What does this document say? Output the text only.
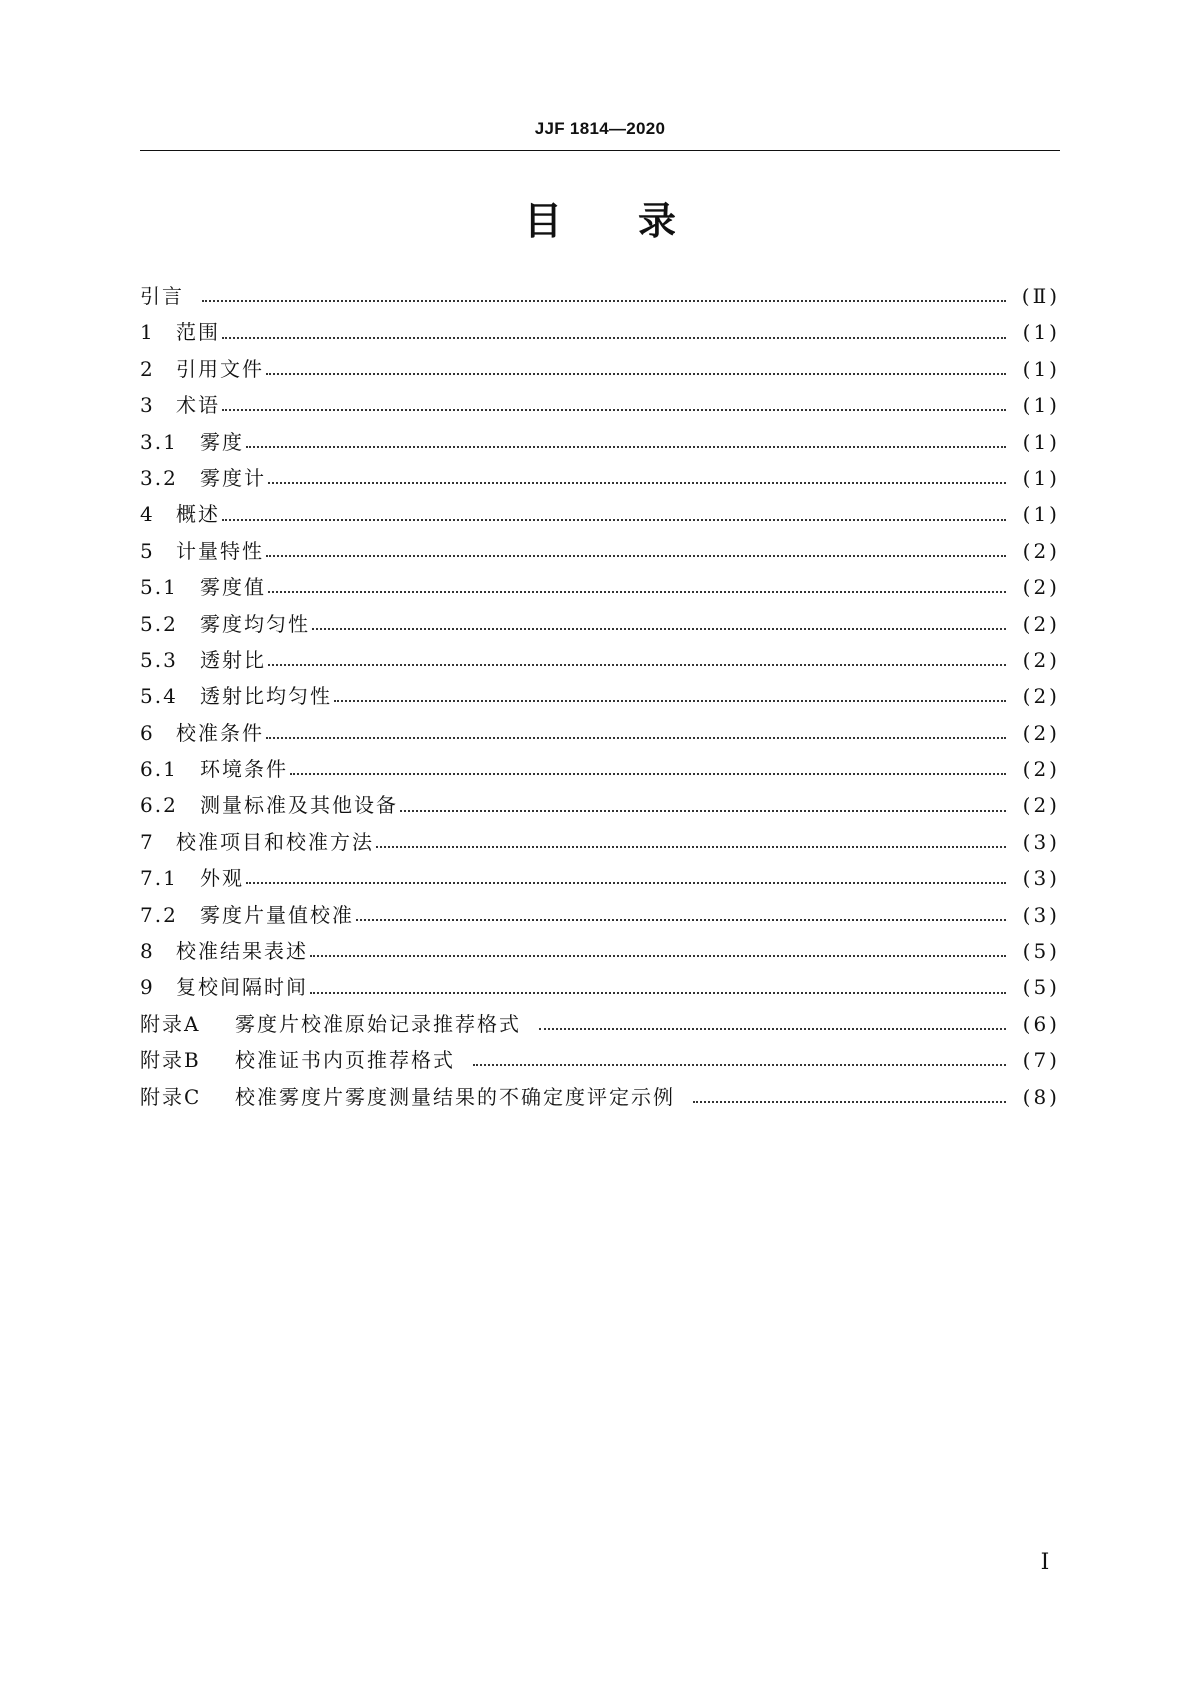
JJF 1814—2020
目录
引言	(Ⅱ)
1	范围	(1)
2	引用文件	(1)
3	术语	(1)
3.1	雾度	(1)
3.2	雾度计	(1)
4	概述	(1)
5	计量特性	(2)
5.1	雾度值	(2)
5.2	雾度均匀性	(2)
5.3	透射比	(2)
5.4	透射比均匀性	(2)
6	校准条件	(2)
6.1	环境条件	(2)
6.2	测量标准及其他设备	(2)
7	校准项目和校准方法	(3)
7.1	外观	(3)
7.2	雾度片量值校准	(3)
8	校准结果表述	(5)
9	复校间隔时间	(5)
附录A	雾度片校准原始记录推荐格式	(6)
附录B	校准证书内页推荐格式	(7)
附录C	校准雾度片雾度测量结果的不确定度评定示例	(8)
Ⅰ
